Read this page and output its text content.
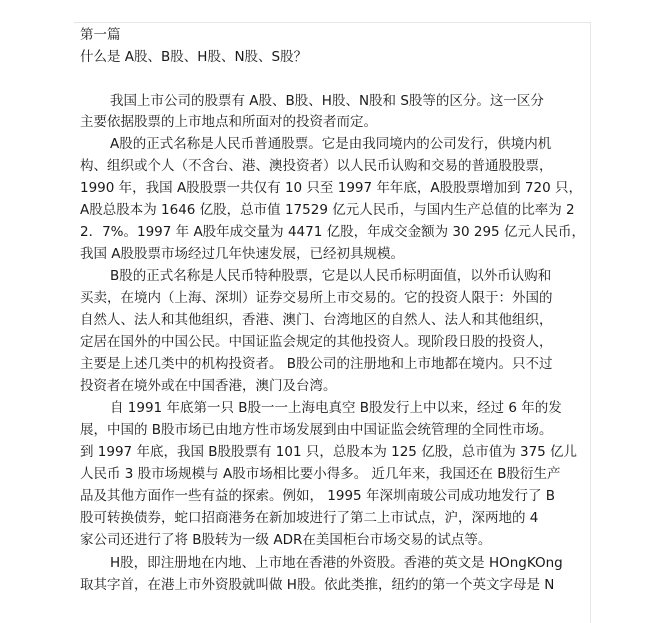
第一篇
什么是 A股、B股、H股、N股、S股？
我国上市公司的股票有 A股、B股、H股、N股和 S股等的区分。这一区分
主要依据股票的上市地点和所面对的投资者而定。
A股的正式名称是人民币普通股票。它是由我同境内的公司发行，供境内机
构、组织或个人（不含台、港、澳投资者）以人民币认购和交易的普通股股票，
1990 年，我国 A股股票一共仅有 10 只至 1997 年年底，A股股票增加到 720 只，
A股总股本为 1646 亿股，总市值 17529 亿元人民币，与国内生产总值的比率为 2
2．7%。1997 年 A股年成交量为 4471 亿股，年成交金额为 30 295 亿元人民币，
我国 A股股票市场经过几年快速发展，已经初具规模。
B股的正式名称是人民币特种股票，它是以人民币标明面值，以外币认购和
买卖，在境内（上海、深圳）证券交易所上市交易的。它的投资人限于：外国的
自然人、法人和其他组织，香港、澳门、台湾地区的自然人、法人和其他组织，
定居在国外的中国公民。中国证监会规定的其他投资人。现阶段日股的投资人，
主要是上述几类中的机构投资者。 B股公司的注册地和上市地都在境内。只不过
投资者在境外或在中国香港，澳门及台湾。
自 1991 年底第一只 B股一一上海电真空 B股发行上中以来，经过 6 年的发
展，中国的 B股市场已由地方性市场发展到由中国证监会统管理的全同性市场。
到 1997 年底，我国 B股股票有 101 只，总股本为 125 亿股，总市值为 375 亿儿
人民币 3 股市场规模与 A股市场相比要小得多。 近几年来，我国还在 B股衍生产
品及其他方面作一些有益的探索。例如， 1995 年深圳南玻公司成功地发行了 B
股可转换债券，蛇口招商港务在新加坡进行了第二上市试点，沪，深两地的 4
家公司还进行了将 B股转为一级 ADR在美国柜台市场交易的试点等。
H股，即注册地在内地、上市地在香港的外资股。香港的英文是 HOngKOng
取其字首，在港上市外资股就叫做 H股。依此类推，纽约的第一个英文字母是 N
